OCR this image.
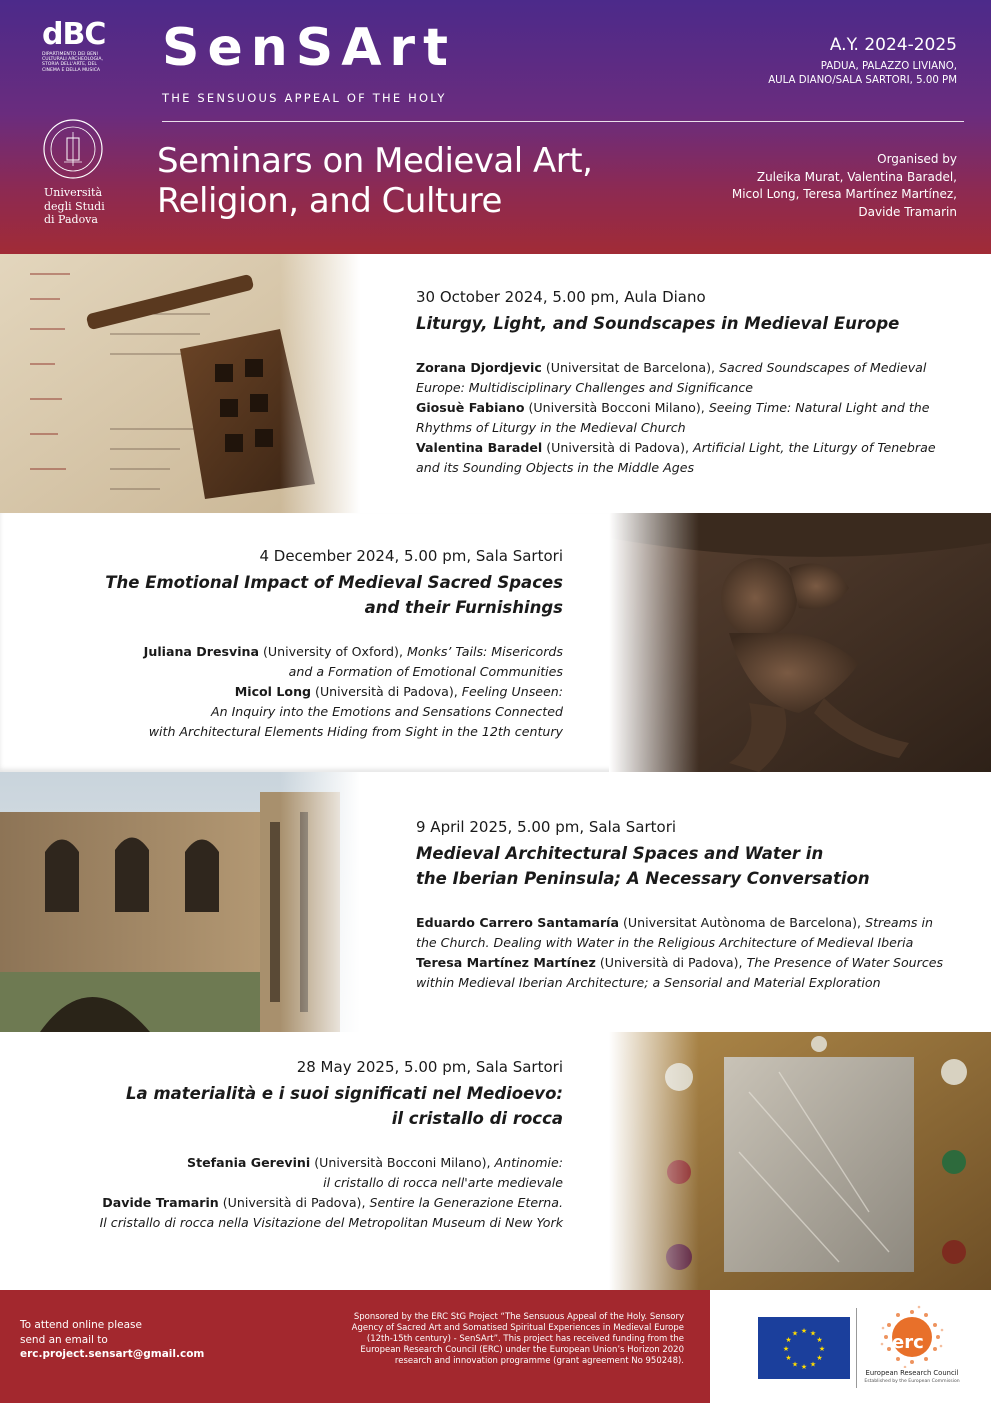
dBC
DIPARTIMENTO DEI BENI CULTURALI ARCHEOLOGIA, STORIA DELL'ARTE, DEL CINEMA E DELLA MUSICA
Università
degli Studi
di Padova
SenSArt
THE SENSUOUS APPEAL OF THE HOLY
A.Y. 2024-2025
PADUA, PALAZZO LIVIANO,
AULA DIANO/SALA SARTORI, 5.00 PM
Seminars on Medieval Art,
Religion, and Culture
Organised by
Zuleika Murat, Valentina Baradel,
Micol Long, Teresa Martínez Martínez,
Davide Tramarin
30 October 2024, 5.00 pm, Aula Diano
Liturgy, Light, and Soundscapes in Medieval Europe
Zorana Djordjevic (Universitat de Barcelona), Sacred Soundscapes of Medieval
Europe: Multidisciplinary Challenges and Significance
Giosuè Fabiano (Università Bocconi Milano), Seeing Time: Natural Light and the
Rhythms of Liturgy in the Medieval Church
Valentina Baradel (Università di Padova), Artificial Light, the Liturgy of Tenebrae
and its Sounding Objects in the Middle Ages
4 December 2024, 5.00 pm, Sala Sartori
The Emotional Impact of Medieval Sacred Spaces
and their Furnishings
Juliana Dresvina (University of Oxford), Monks’ Tails: Misericords
and a Formation of Emotional Communities
Micol Long (Università di Padova), Feeling Unseen:
An Inquiry into the Emotions and Sensations Connected
with Architectural Elements Hiding from Sight in the 12th century
9 April 2025, 5.00 pm, Sala Sartori
Medieval Architectural Spaces and Water in
the Iberian Peninsula; A Necessary Conversation
Eduardo Carrero Santamaría (Universitat Autònoma de Barcelona), Streams in
the Church. Dealing with Water in the Religious Architecture of Medieval Iberia
Teresa Martínez Martínez (Università di Padova), The Presence of Water Sources
within Medieval Iberian Architecture; a Sensorial and Material Exploration
28 May 2025, 5.00 pm, Sala Sartori
La materialità e i suoi significati nel Medioevo:
il cristallo di rocca
Stefania Gerevini (Università Bocconi Milano), Antinomie:
il cristallo di rocca nell'arte medievale
Davide Tramarin (Università di Padova), Sentire la Generazione Eterna.
Il cristallo di rocca nella Visitazione del Metropolitan Museum di New York
To attend online please
send an email to
erc.project.sensart@gmail.com
Sponsored by the ERC StG Project “The Sensuous Appeal of the Holy. Sensory
Agency of Sacred Art and Somatised Spiritual Experiences in Medieval Europe
(12th-15th century) - SenSArt”. This project has received funding from the
European Research Council (ERC) under the European Union’s Horizon 2020
research and innovation programme (grant agreement No 950248).
★ ★
★
★
★
★
★
★
★
★
★
★	erc
European Research Council
Established by the European Commission
